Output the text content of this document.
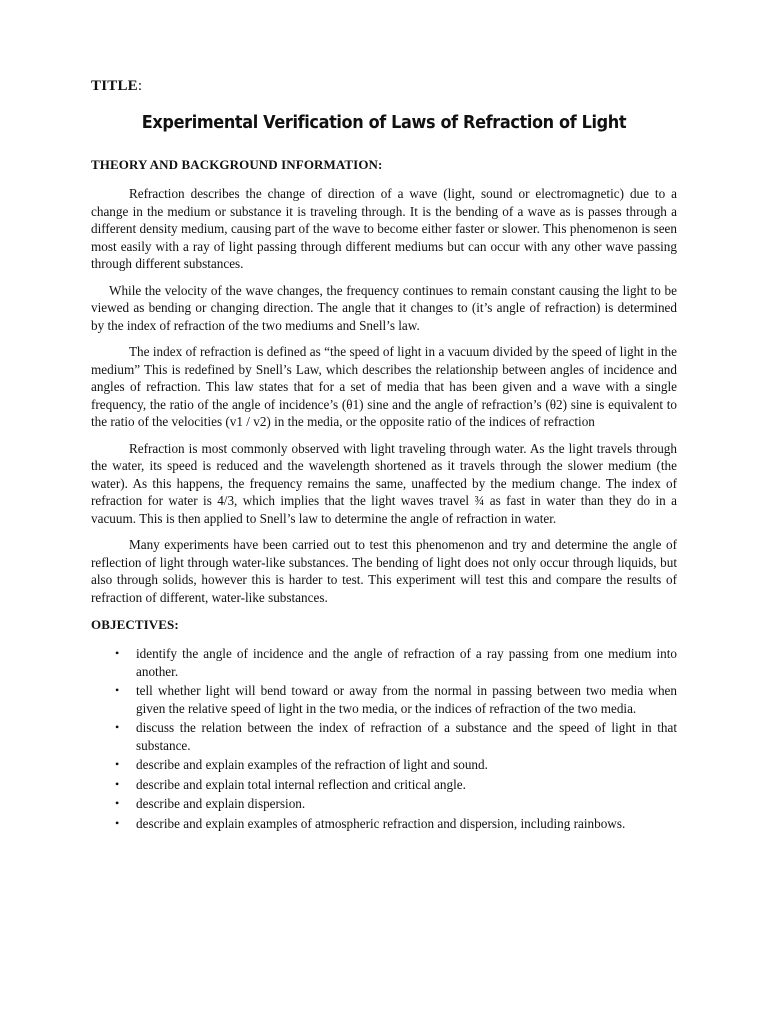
TITLE:
Experimental Verification of Laws of Refraction of Light
THEORY AND BACKGROUND INFORMATION:

Refraction describes the change of direction of a wave (light, sound or electromagnetic) due to a change in the medium or substance it is traveling through. It is the bending of a wave as is passes through a different density medium, causing part of the wave to become either faster or slower. This phenomenon is seen most easily with a ray of light passing through different mediums but can occur with any other wave passing through different substances.

While the velocity of the wave changes, the frequency continues to remain constant causing the light to be viewed as bending or changing direction. The angle that it changes to (it’s angle of refraction) is determined by the index of refraction of the two mediums and Snell’s law.

The index of refraction is defined as “the speed of light in a vacuum divided by the speed of light in the medium” This is redefined by Snell’s Law, which describes the relationship between angles of incidence and angles of refraction. This law states that for a set of media that has been given and a wave with a single frequency, the ratio of the angle of incidence’s (θ1) sine and the angle of refraction’s (θ2) sine is equivalent to the ratio of the velocities (v1 / v2) in the media, or the opposite ratio of the indices of refraction

Refraction is most commonly observed with light traveling through water. As the light travels through the water, its speed is reduced and the wavelength shortened as it travels through the slower medium (the water). As this happens, the frequency remains the same, unaffected by the medium change. The index of refraction for water is 4/3, which implies that the light waves travel ¾ as fast in water than they do in a vacuum. This is then applied to Snell’s law to determine the angle of refraction in water.

Many experiments have been carried out to test this phenomenon and try and determine the angle of reflection of light through water-like substances. The bending of light does not only occur through liquids, but also through solids, however this is harder to test. This experiment will test this and compare the results of refraction of different, water-like substances.

OBJECTIVES:
• identify the angle of incidence and the angle of refraction of a ray passing from one medium into another.
• tell whether light will bend toward or away from the normal in passing between two media when given the relative speed of light in the two media, or the indices of refraction of the two media.
• discuss the relation between the index of refraction of a substance and the speed of light in that substance.
• describe and explain examples of the refraction of light and sound.
• describe and explain total internal reflection and critical angle.
• describe and explain dispersion.
• describe and explain examples of atmospheric refraction and dispersion, including rainbows.
